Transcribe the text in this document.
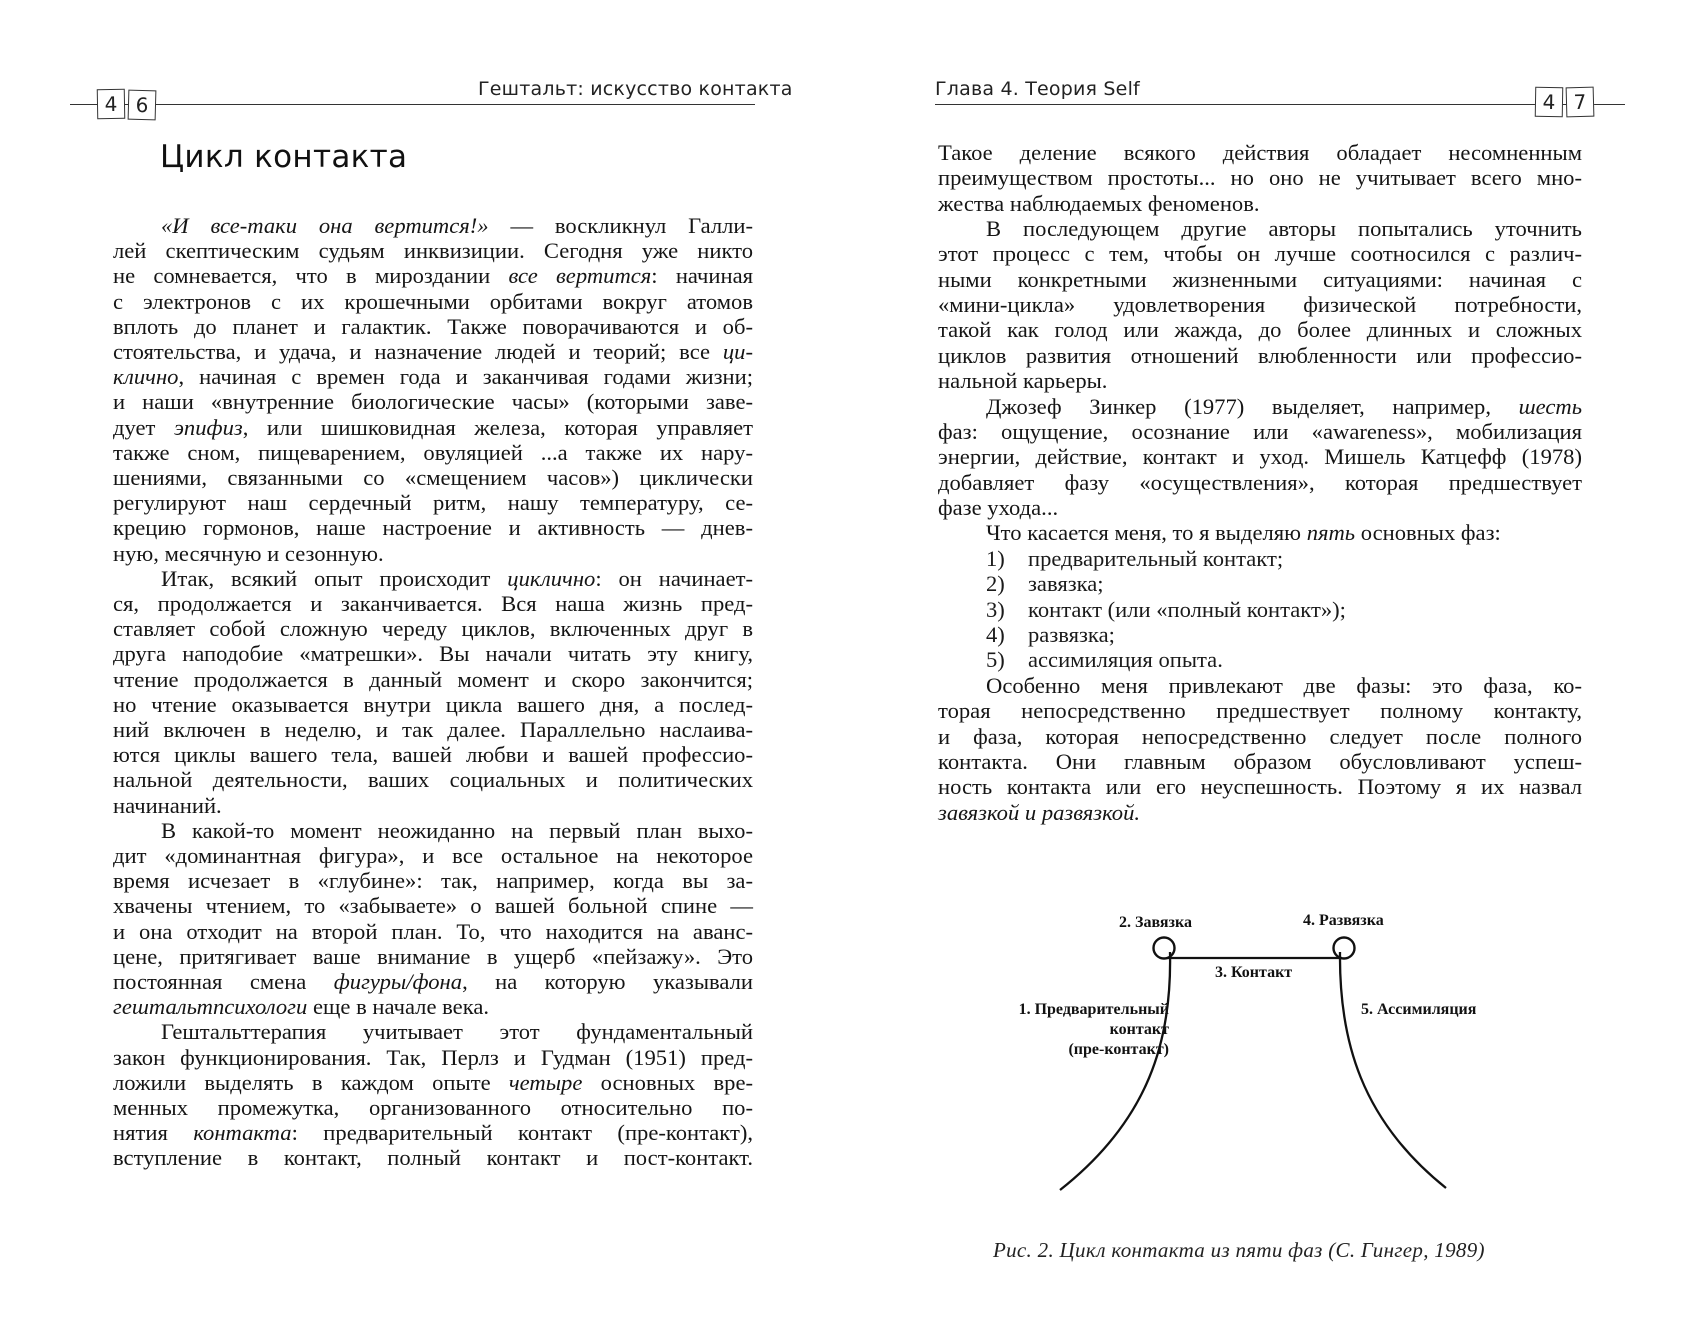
4 6
Гештальт: искусство контакта
Цикл контакта
«И все-таки она вертится!» — воскликнул Галли-
лей скептическим судьям инквизиции. Сегодня уже никто
не сомневается, что в мироздании все вертится: начиная
с электронов с их крошечными орбитами вокруг атомов
вплоть до планет и галактик. Также поворачиваются и об-
стоятельства, и удача, и назначение людей и теорий; все ци-
клично, начиная с времен года и заканчивая годами жизни;
и наши «внутренние биологические часы» (которыми заве-
дует эпифиз, или шишковидная железа, которая управляет
также сном, пищеварением, овуляцией ...а также их нару-
шениями, связанными со «смещением часов») циклически
регулируют наш сердечный ритм, нашу температуру, се-
крецию гормонов, наше настроение и активность — днев-
ную, месячную и сезонную.
Итак, всякий опыт происходит циклично: он начинает-
ся, продолжается и заканчивается. Вся наша жизнь пред-
ставляет собой сложную череду циклов, включенных друг в
друга наподобие «матрешки». Вы начали читать эту книгу,
чтение продолжается в данный момент и скоро закончится;
но чтение оказывается внутри цикла вашего дня, а послед-
ний включен в неделю, и так далее. Параллельно наслаива-
ются циклы вашего тела, вашей любви и вашей профессио-
нальной деятельности, ваших социальных и политических
начинаний.
В какой-то момент неожиданно на первый план выхо-
дит «доминантная фигура», и все остальное на некоторое
время исчезает в «глубине»: так, например, когда вы за-
хвачены чтением, то «забываете» о вашей больной спине —
и она отходит на второй план. То, что находится на аванс-
цене, притягивает ваше внимание в ущерб «пейзажу». Это
постоянная смена фигуры/фона, на которую указывали
гештальтпсихологи еще в начале века.
Гештальттерапия учитывает этот фундаментальный
закон функционирования. Так, Перлз и Гудман (1951) пред-
ложили выделять в каждом опыте четыре основных вре-
менных промежутка, организованного относительно по-
нятия контакта: предварительный контакт (пре-контакт),
вступление в контакт, полный контакт и пост-контакт.
Глава 4. Теория Self
4 7
Такое деление всякого действия обладает несомненным
преимуществом простоты... но оно не учитывает всего мно-
жества наблюдаемых феноменов.
В последующем другие авторы попытались уточнить
этот процесс с тем, чтобы он лучше соотносился с различ-
ными конкретными жизненными ситуациями: начиная с
«мини-цикла» удовлетворения физической потребности,
такой как голод или жажда, до более длинных и сложных
циклов развития отношений влюбленности или профессио-
нальной карьеры.
Джозеф Зинкер (1977) выделяет, например, шесть
фаз: ощущение, осознание или «awareness», мобилизация
энергии, действие, контакт и уход. Мишель Катцефф (1978)
добавляет фазу «осуществления», которая предшествует
фазе ухода...
Что касается меня, то я выделяю пять основных фаз:
1) предварительный контакт;
2) завязка;
3) контакт (или «полный контакт»);
4) развязка;
5) ассимиляция опыта.
Особенно меня привлекают две фазы: это фаза, ко-
торая непосредственно предшествует полному контакту,
и фаза, которая непосредственно следует после полного
контакта. Они главным образом обусловливают успеш-
ность контакта или его неуспешность. Поэтому я их назвал
завязкой и развязкой.
2. Завязка	4. Развязка
3. Контакт
1. Предварительный
контакт
(пре-контакт)
5. Ассимиляция
Рис. 2. Цикл контакта из пяти фаз (С. Гингер, 1989)
